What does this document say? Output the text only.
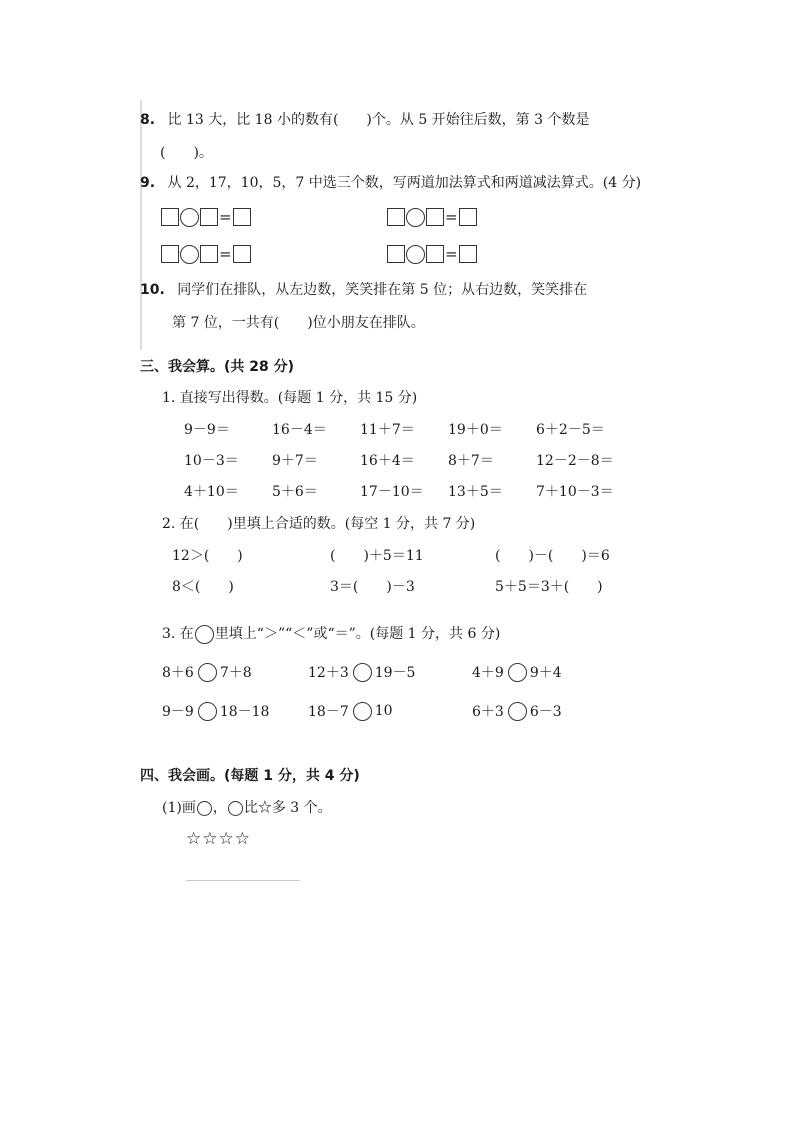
8. 比 13 大，比 18 小的数有(　　)个。从 5 开始往后数，第 3 个数是
(　　)。
9. 从 2，17，10，5，7 中选三个数，写两道加法算式和两道减法算式。(4 分)
=	=
=	=
10. 同学们在排队，从左边数，笑笑排在第 5 位；从右边数，笑笑排在
第 7 位，一共有(　　)位小朋友在排队。
三、我会算。(共 28 分)
1. 直接写出得数。(每题 1 分，共 15 分)
9－9＝	16－4＝ 11＋7＝ 19＋0＝ 6＋2－5＝
10－3＝ 9＋7＝	16＋4＝ 8＋7＝	12－2－8＝
4＋10＝ 5＋6＝	17－10＝ 13＋5＝ 7＋10－3＝
2. 在(　　)里填上合适的数。(每空 1 分，共 7 分)
12＞(　　)	(　　)＋5＝11	(　　)－(　　)＝6
8＜(　　)	3＝(　　)－3	5＋5＝3＋(　　)
3. 在 里填上“＞”“＜”或“＝”。(每题 1 分，共 6 分)
8＋6 7＋8	12＋3 19－5	4＋9 9＋4
9－9 18－18	18－7 10	6＋3 6－3
四、我会画。(每题 1 分，共 4 分)
(1)画 ， 比☆多 3 个。
☆☆☆☆
